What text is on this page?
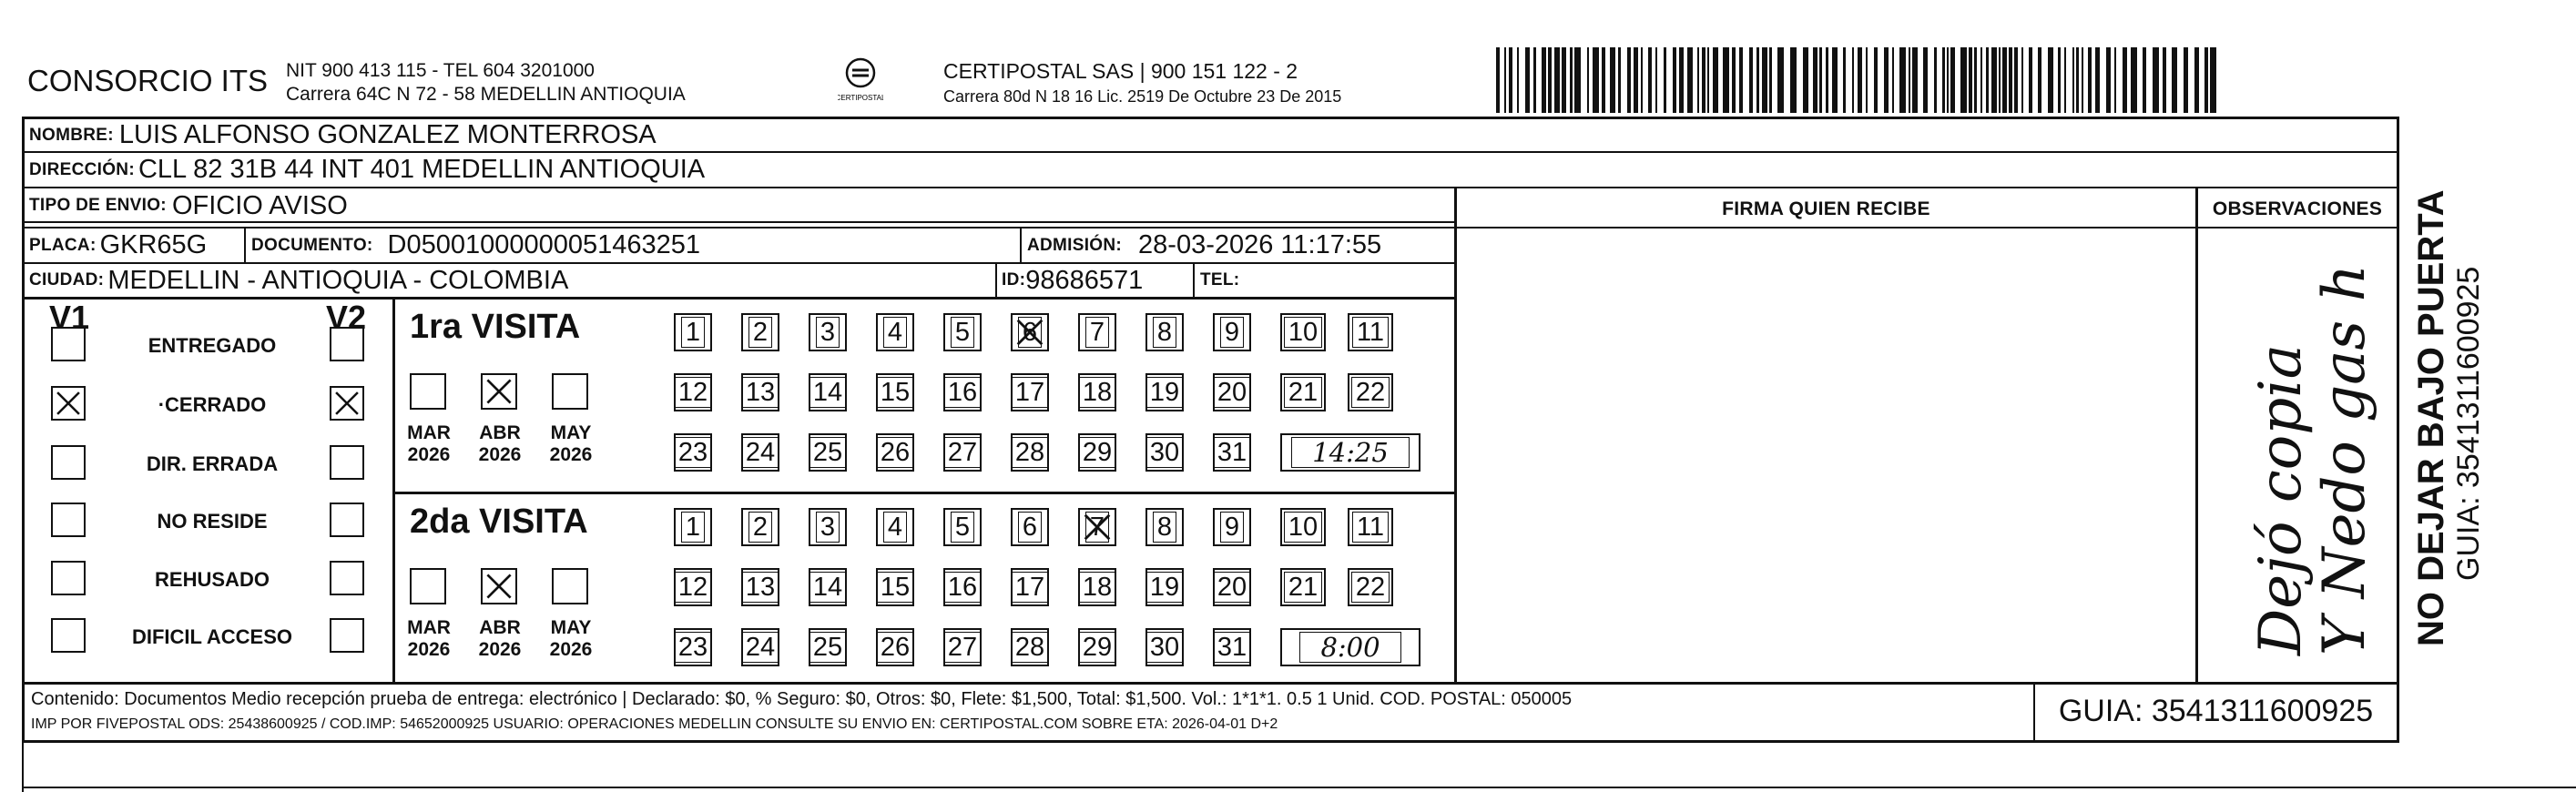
CONSORCIO ITS NIT 900 413 115 - TEL 604 3201000
Carrera 64C N 72 - 58 MEDELLIN ANTIOQUIA	CERTIPOSTAL
CERTIPOSTAL SAS | 900 151 122 - 2
Carrera 80d N 18 16 Lic. 2519 De Octubre 23 De 2015
NOMBRE: LUIS ALFONSO GONZALEZ MONTERROSA
DIRECCIÓN: CLL 82 31B 44 INT 401 MEDELLIN ANTIOQUIA
TIPO DE ENVIO: OFICIO AVISO	FIRMA QUIEN RECIBE	OBSERVACIONES
PLACA: GKR65G	DOCUMENTO: D05001000000051463251	ADMISIÓN: 28-03-2026 11:17:55
CIUDAD: MEDELLIN - ANTIOQUIA - COLOMBIA	ID: 98686571	TEL:
V1	V2
ENTREGADO
·CERRADO
DIR. ERRADA
NO RESIDE
REHUSADO
DIFICIL ACCESO
1ra VISITA
MAR
2026
ABR
2026
MAY
2026
1 2 3 4 5 6 7 8 9 10 11
12 13 14 15 16 17 18 19 20 21 22
23 24 25 26 27 28 29 30 31	14:25
2da VISITA
MAR
2026
ABR
2026
MAY
2026
1 2 3 4 5 6 7 8 9 10 11
12 13 14 15 16 17 18 19 20 21 22
23 24 25 26 27 28 29 30 31	8:00	Dejó copia
Y Nedo gas h
Contenido: Documentos Medio recepción prueba de entrega: electrónico | Declarado: $0, % Seguro: $0, Otros: $0, Flete: $1,500, Total: $1,500. Vol.: 1*1*1. 0.5 1 Unid. COD. POSTAL: 050005
IMP POR FIVEPOSTAL ODS: 25438600925 / COD.IMP: 54652000925 USUARIO: OPERACIONES MEDELLIN CONSULTE SU ENVIO EN: CERTIPOSTAL.COM SOBRE ETA: 2026-04-01 D+2	GUIA: 3541311600925
NO DEJAR BAJO PUERTA GUIA: 3541311600925
